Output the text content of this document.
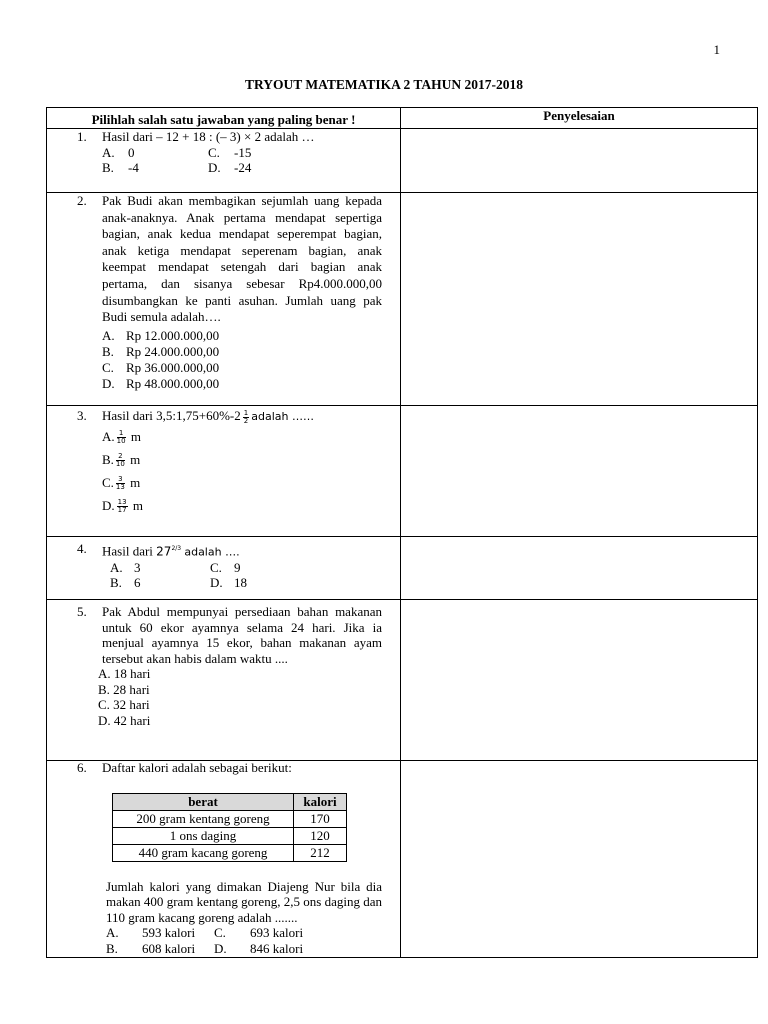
1
TRYOUT MATEMATIKA 2 TAHUN 2017-2018
Pilihlah salah satu jawaban yang paling benar !	Penyelesaian
1. Hasil dari – 12 + 18 : (– 3) × 2 adalah …
A.	0	C.	-15
B.	-4	D.	-24
2. Pak Budi akan membagikan sejumlah uang kepada anak-anaknya. Anak pertama mendapat sepertiga bagian, anak kedua mendapat seperempat bagian, anak ketiga mendapat seperenam bagian, anak keempat mendapat setengah dari bagian anak pertama, dan sisanya sebesar Rp4.000.000,00 disumbangkan ke panti asuhan. Jumlah uang pak Budi semula adalah….
A. Rp 12.000.000,00
B. Rp 24.000.000,00
C. Rp 36.000.000,00
D. Rp 48.000.000,00
3. Hasil dari 3,5:1,75+60%-2 $\frac{1}{2}$ adalah ……
A. $\frac{1}{10}$ m
B. $\frac{2}{10}$ m
C. $\frac{3}{13}$ m
D. $\frac{13}{17}$ m
4. Hasil dari $27^{2/3}$ adalah ….
A. 3	C. 9
B. 6	D. 18
5. Pak Abdul mempunyai persediaan bahan makanan untuk 60 ekor ayamnya selama 24 hari. Jika ia menjual ayamnya 15 ekor, bahan makanan ayam tersebut akan habis dalam waktu ....
A. 18 hari
B. 28 hari
C. 32 hari
D. 42 hari
6. Daftar kalori adalah sebagai berikut:
berat	kalori
200 gram kentang goreng	170
1 ons daging	120
440 gram kacang goreng	212
Jumlah kalori yang dimakan Diajeng Nur bila dia makan 400 gram kentang goreng, 2,5 ons daging dan 110 gram kacang goreng adalah .......
A.	593 kalori	C.	693 kalori
B.	608 kalori	D.	846 kalori
